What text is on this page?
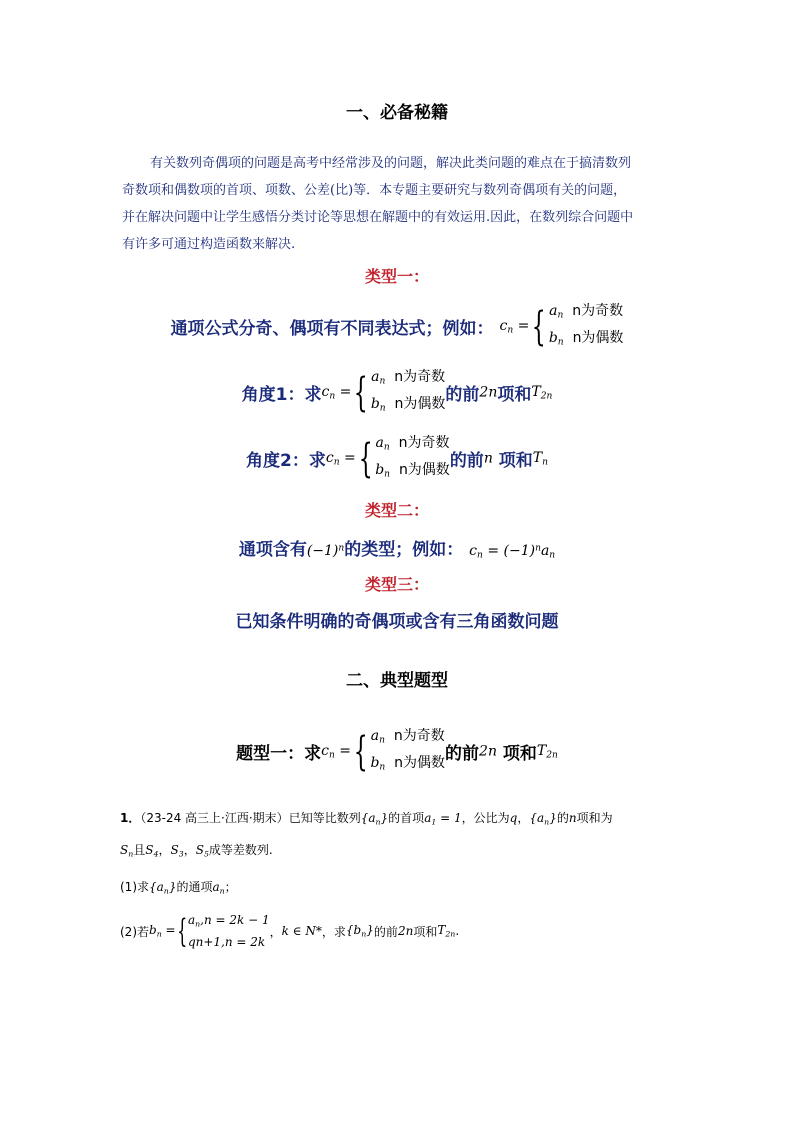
一、必备秘籍
有关数列奇偶项的问题是高考中经常涉及的问题，解决此类问题的难点在于搞清数列
奇数项和偶数项的首项、项数、公差(比)等．本专题主要研究与数列奇偶项有关的问题，
并在解决问题中让学生感悟分类讨论等思想在解题中的有效运用.因此，在数列综合问题中
有许多可通过构造函数来解决.
类型一：
通项公式分奇、偶项有不同表达式；例如： $c_n$ = { $a_n$ n为奇数
$b_n$ n为偶数
角度1：求 $c_n$ = { $a_n$ n为奇数
$b_n$ n为偶数 的前2n项和$T_{2n}$
角度2：求 $c_n$ = { $a_n$ n为奇数
$b_n$ n为偶数 的前n 项和$T_n$
类型二：
通项含有$(-1)^n$的类型；例如： $c_n = (-1)^na_n$
类型三：
已知条件明确的奇偶项或含有三角函数问题
二、典型题型
题型一：求 $c_n$ = { $a_n$ n为奇数
$b_n$ n为偶数 的前2n 项和$T_{2n}$
1．（23-24 高三上·江西·期末）已知等比数列$\{a_n\}$的首项$a_1 = 1$，公比为q，$\{a_n\}$的n项和为
$S_n$且$S_4$，$S_3$，$S_5$成等差数列.
(1)求$\{a_n\}$的通项$a_n$；
(2)若 $b_n$ = { $a_n,n = 2k - 1$
qn+1,n = 2k
， k ∈ N* ，求 $\{b_n\}$ 的前 2n 项和 $T_{2n}$ .
